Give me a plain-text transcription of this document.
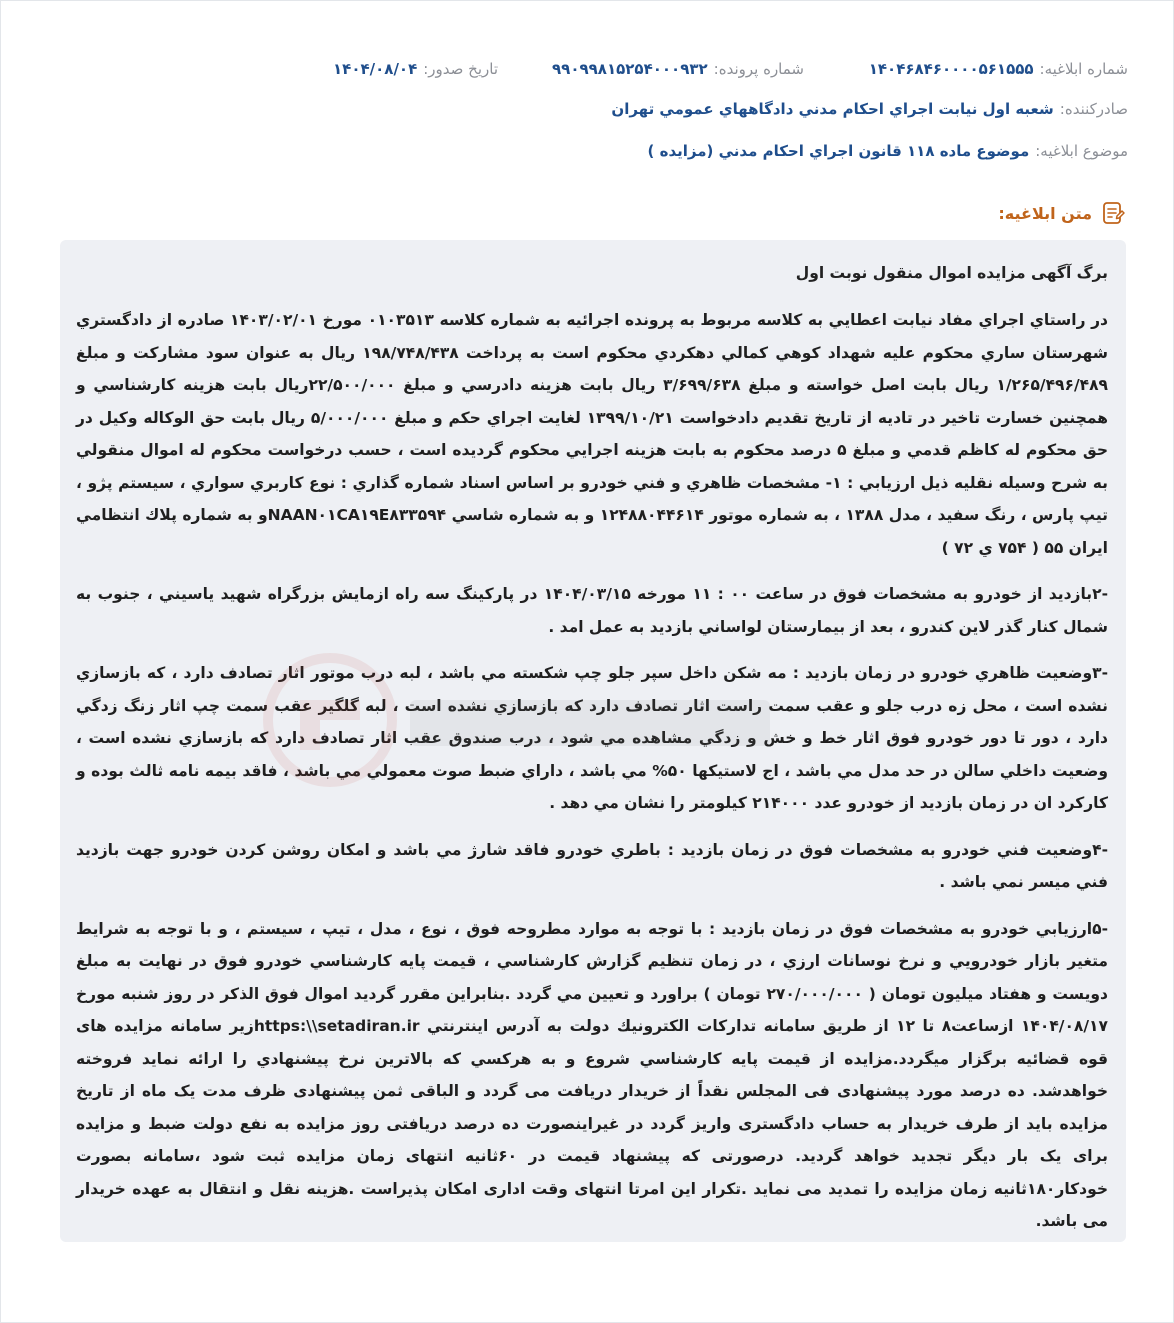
شماره ابلاغیه:
۱۴۰۴۶۸۴۶۰۰۰۰۵۶۱۵۵۵
شماره پرونده:
۹۹۰۹۹۸۱۵۲۵۴۰۰۰۹۳۲
تاریخ صدور:
۱۴۰۴/۰۸/۰۴
صادرکننده:
شعبه اول نيابت اجراي احكام مدني دادگاههاي عمومي تهران
موضوع ابلاغیه:
موضوع ماده ۱۱۸ قانون اجراي احكام مدني (مزايده )
متن ابلاغیه:

برگ آگهی مزایده اموال منقول نوبت اول

در راستاي اجراي مفاد نيابت اعطايي به كلاسه مربوط به پرونده اجرائيه به شماره كلاسه ۰۱۰۳۵۱۳ مورخ ۱۴۰۳/۰۲/۰۱ صادره از دادگستري شهرستان ساري محكوم عليه شهداد كوهي كمالي دهكردي محكوم است به پرداخت ۱۹۸/۷۴۸/۴۳۸ ريال به عنوان سود مشاركت و مبلغ ۱/۲۶۵/۴۹۶/۴۸۹ ريال بابت اصل خواسته و مبلغ ۳/۶۹۹/۶۳۸ ريال بابت هزينه دادرسي و مبلغ ۲۲/۵۰۰/۰۰۰ريال بابت هزينه كارشناسي و همچنين خسارت تاخير در تاديه از تاريخ تقديم دادخواست ۱۳۹۹/۱۰/۲۱ لغايت اجراي حكم و مبلغ ۵/۰۰۰/۰۰۰ ريال بابت حق الوكاله وكيل در حق محكوم له كاظم قدمي و مبلغ ۵ درصد محكوم به بابت هزينه اجرايي محكوم گرديده است ، حسب درخواست محكوم له اموال منقولي به شرح وسيله نقليه ذيل ارزيابي : ۱- مشخصات ظاهري و فني خودرو بر اساس اسناد شماره گذاري : نوع كاربري سواري ، سيستم پژو ، تيپ پارس ، رنگ سفيد ، مدل ۱۳۸۸ ، به شماره موتور ۱۲۴۸۸۰۴۴۶۱۴ و به شماره شاسي NAAN۰۱CA۱۹E۸۳۳۵۹۴و به شماره پلاك انتظامي ايران ۵۵ ( ۷۵۴ ي ۷۲ )

-۲بازديد از خودرو به مشخصات فوق در ساعت ۰۰ : ۱۱ مورخه ۱۴۰۴/۰۳/۱۵ در پاركينگ سه راه ازمايش بزرگراه شهيد ياسيني ، جنوب به شمال كنار گذر لاين كندرو ، بعد از بيمارستان لواساني بازديد به عمل امد .

-۳وضعيت ظاهري خودرو در زمان بازديد : مه شكن داخل سپر جلو چپ شكسته مي باشد ، لبه درب موتور اثار تصادف دارد ، كه بازسازي نشده است ، محل زه درب جلو و عقب سمت راست اثار تصادف دارد كه بازسازي نشده است ، لبه گلگير عقب سمت چپ اثار زنگ زدگي دارد ، دور تا دور خودرو فوق اثار خط و خش و زدگي مشاهده مي شود ، درب صندوق عقب اثار تصادف دارد كه بازسازي نشده است ، وضعيت داخلي سالن در حد مدل مي باشد ، اج لاستيكها ۵۰% مي باشد ، داراي ضبط صوت معمولي مي باشد ، فاقد بيمه نامه ثالث بوده و كاركرد ان در زمان بازديد از خودرو عدد ۲۱۴۰۰۰ كيلومتر را نشان مي دهد .

-۴وضعيت فني خودرو به مشخصات فوق در زمان بازديد : باطري خودرو فاقد شارژ مي باشد و امكان روشن كردن خودرو جهت بازديد فني ميسر نمي باشد .

-۵ارزيابي خودرو به مشخصات فوق در زمان بازديد : با توجه به موارد مطروحه فوق ، نوع ، مدل ، تيپ ، سيستم ، و با توجه به شرايط متغير بازار خودرويي و نرخ نوسانات ارزي ، در زمان تنظيم گزارش كارشناسي ، قيمت پايه كارشناسي خودرو فوق در نهايت به مبلغ دويست و هفتاد ميليون تومان ( ۲۷۰/۰۰۰/۰۰۰ تومان ) براورد و تعيين مي گردد .بنابراين مقرر گرديد اموال فوق الذكر در روز شنبه مورخ ۱۴۰۴/۰۸/۱۷ ازساعت۸ تا ۱۲ از طريق سامانه تداركات الكترونيك دولت به آدرس اينترنتي https:\\setadiran.irزير سامانه مزایده های قوه قضائیه برگزار ميگردد.مزايده از قيمت پايه كارشناسي شروع و به هركسي كه بالاترين نرخ پيشنهادي را ارائه نمايد فروخته خواهدشد. ده درصد مورد پیشنهادی فی المجلس نقداً از خریدار دریافت می گردد و الباقی ثمن پیشنهادی ظرف مدت یک ماه از تاریخ مزایده باید از طرف خریدار به حساب دادگستری واریز گردد در غیراینصورت ده درصد دریافتی روز مزایده به نفع دولت ضبط و مزایده برای یک بار دیگر تجدید خواهد گردید. درصورتی که پیشنهاد قیمت در ۶۰ثانیه انتهای زمان مزایده ثبت شود ،سامانه بصورت خودکار۱۸۰ثانیه زمان مزايده را تمديد می نمايد .تكرار اين امرتا انتهای وقت اداری امكان پذيراست .هزينه نقل و انتقال به عهده خريدار مى باشد.
